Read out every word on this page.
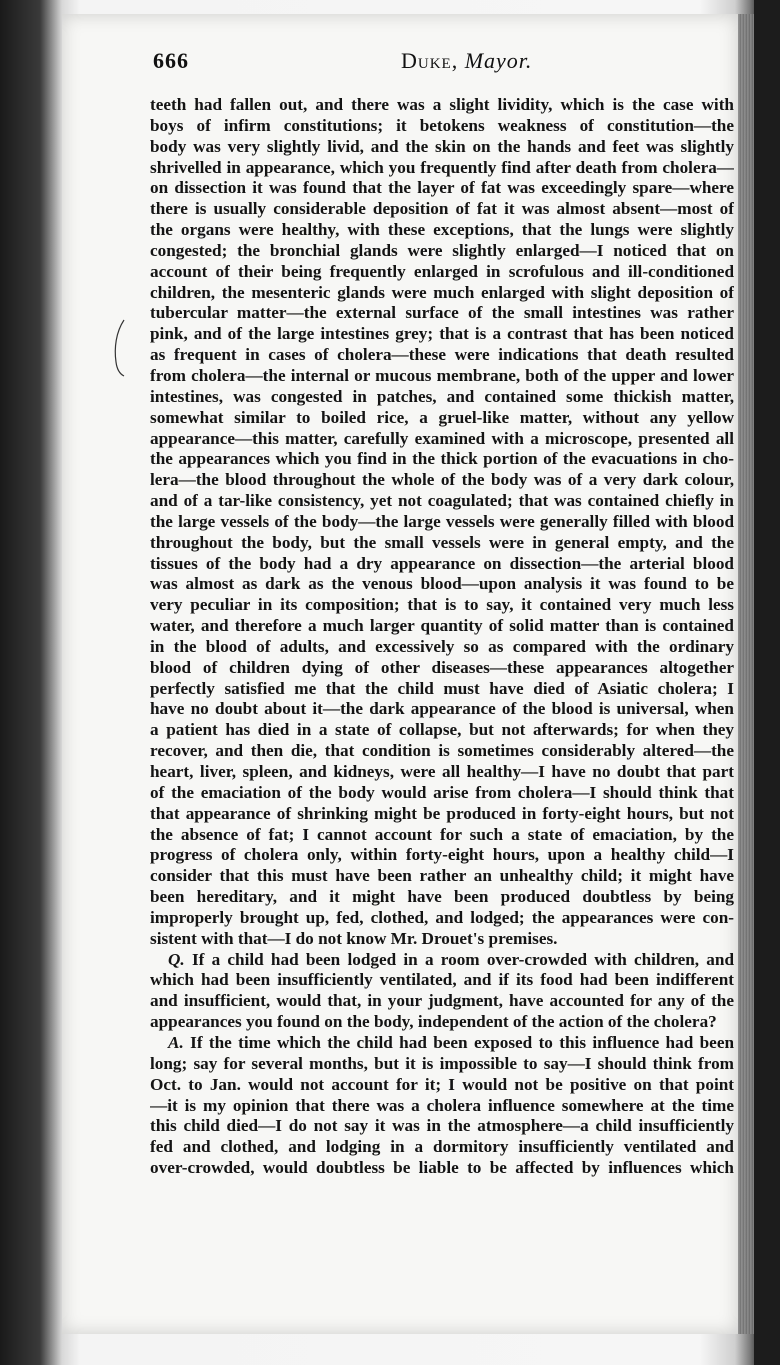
666	Duke, Mayor.
teeth had fallen out, and there was a slight lividity, which is the case with
boys of infirm constitutions; it betokens weakness of constitution—the
body was very slightly livid, and the skin on the hands and feet was slightly
shrivelled in appearance, which you frequently find after death from cholera—
on dissection it was found that the layer of fat was exceedingly spare—where
there is usually considerable deposition of fat it was almost absent—most of
the organs were healthy, with these exceptions, that the lungs were slightly
congested; the bronchial glands were slightly enlarged—I noticed that on
account of their being frequently enlarged in scrofulous and ill-conditioned
children, the mesenteric glands were much enlarged with slight deposition of
tubercular matter—the external surface of the small intestines was rather
pink, and of the large intestines grey; that is a contrast that has been noticed
as frequent in cases of cholera—these were indications that death resulted
from cholera—the internal or mucous membrane, both of the upper and lower
intestines, was congested in patches, and contained some thickish matter,
somewhat similar to boiled rice, a gruel-like matter, without any yellow
appearance—this matter, carefully examined with a microscope, presented all
the appearances which you find in the thick portion of the evacuations in cho-
lera—the blood throughout the whole of the body was of a very dark colour,
and of a tar-like consistency, yet not coagulated; that was contained chiefly in
the large vessels of the body—the large vessels were generally filled with blood
throughout the body, but the small vessels were in general empty, and the
tissues of the body had a dry appearance on dissection—the arterial blood
was almost as dark as the venous blood—upon analysis it was found to be
very peculiar in its composition; that is to say, it contained very much less
water, and therefore a much larger quantity of solid matter than is contained
in the blood of adults, and excessively so as compared with the ordinary
blood of children dying of other diseases—these appearances altogether
perfectly satisfied me that the child must have died of Asiatic cholera; I
have no doubt about it—the dark appearance of the blood is universal, when
a patient has died in a state of collapse, but not afterwards; for when they
recover, and then die, that condition is sometimes considerably altered—the
heart, liver, spleen, and kidneys, were all healthy—I have no doubt that part
of the emaciation of the body would arise from cholera—I should think that
that appearance of shrinking might be produced in forty-eight hours, but not
the absence of fat; I cannot account for such a state of emaciation, by the
progress of cholera only, within forty-eight hours, upon a healthy child—I
consider that this must have been rather an unhealthy child; it might have
been hereditary, and it might have been produced doubtless by being
improperly brought up, fed, clothed, and lodged; the appearances were con-
sistent with that—I do not know Mr. Drouet's premises.
Q. If a child had been lodged in a room over-crowded with children, and
which had been insufficiently ventilated, and if its food had been indifferent
and insufficient, would that, in your judgment, have accounted for any of the
appearances you found on the body, independent of the action of the cholera?
A. If the time which the child had been exposed to this influence had been
long; say for several months, but it is impossible to say—I should think from
Oct. to Jan. would not account for it; I would not be positive on that point
—it is my opinion that there was a cholera influence somewhere at the time
this child died—I do not say it was in the atmosphere—a child insufficiently
fed and clothed, and lodging in a dormitory insufficiently ventilated and
over-crowded, would doubtless be liable to be affected by influences which
